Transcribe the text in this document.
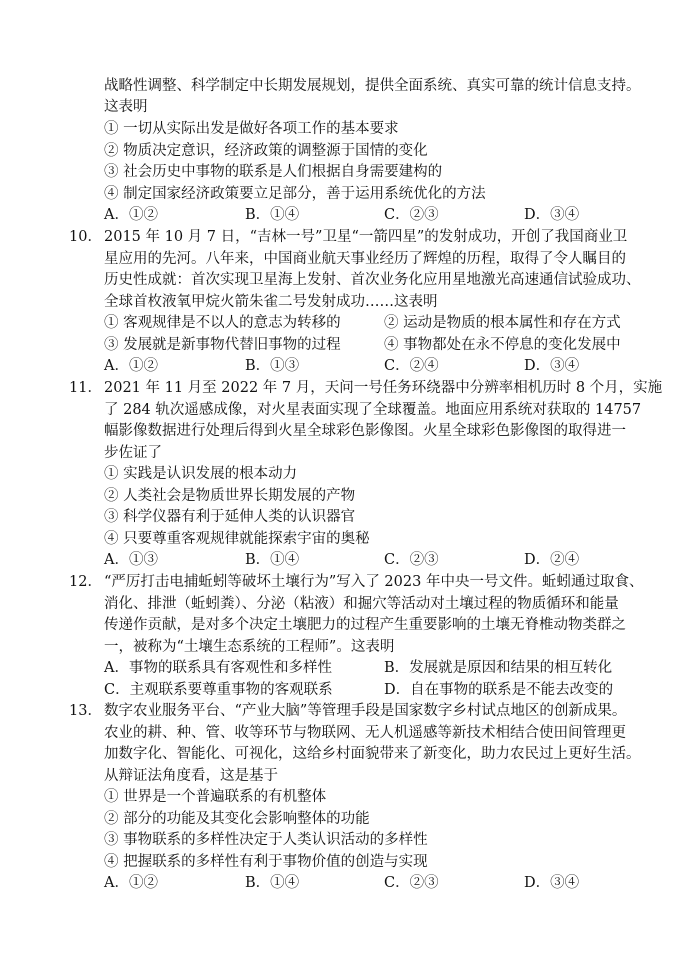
战略性调整、科学制定中长期发展规划，提供全面系统、真实可靠的统计信息支持。
这表明
① 一切从实际出发是做好各项工作的基本要求
② 物质决定意识，经济政策的调整源于国情的变化
③ 社会历史中事物的联系是人们根据自身需要建构的
④ 制定国家经济政策要立足部分，善于运用系统优化的方法
A．①②	B．①④	C．②③	D．③④
10． 2015 年 10 月 7 日，“吉林一号”卫星“一箭四星”的发射成功，开创了我国商业卫
星应用的先河。八年来，中国商业航天事业经历了辉煌的历程，取得了令人瞩目的
历史性成就：首次实现卫星海上发射、首次业务化应用星地激光高速通信试验成功、
全球首枚液氧甲烷火箭朱雀二号发射成功……这表明
① 客观规律是不以人的意志为转移的	② 运动是物质的根本属性和存在方式
③ 发展就是新事物代替旧事物的过程	④ 事物都处在永不停息的变化发展中
A．①②	B．①③	C．②④	D．③④
11． 2021 年 11 月至 2022 年 7 月，天问一号任务环绕器中分辨率相机历时 8 个月，实施
了 284 轨次遥感成像，对火星表面实现了全球覆盖。地面应用系统对获取的 14757
幅影像数据进行处理后得到火星全球彩色影像图。火星全球彩色影像图的取得进一
步佐证了
① 实践是认识发展的根本动力
② 人类社会是物质世界长期发展的产物
③ 科学仪器有利于延伸人类的认识器官
④ 只要尊重客观规律就能探索宇宙的奥秘
A．①③	B．①④	C．②③	D．②④
12． “严厉打击电捕蚯蚓等破坏土壤行为”写入了 2023 年中央一号文件。蚯蚓通过取食、
消化、排泄（蚯蚓粪）、分泌（粘液）和掘穴等活动对土壤过程的物质循环和能量
传递作贡献，是对多个决定土壤肥力的过程产生重要影响的土壤无脊椎动物类群之
一，被称为“土壤生态系统的工程师”。这表明
A．事物的联系具有客观性和多样性	B．发展就是原因和结果的相互转化
C．主观联系要尊重事物的客观联系	D．自在事物的联系是不能去改变的
13． 数字农业服务平台、“产业大脑”等管理手段是国家数字乡村试点地区的创新成果。
农业的耕、种、管、收等环节与物联网、无人机遥感等新技术相结合使田间管理更
加数字化、智能化、可视化，这给乡村面貌带来了新变化，助力农民过上更好生活。
从辩证法角度看，这是基于
① 世界是一个普遍联系的有机整体
② 部分的功能及其变化会影响整体的功能
③ 事物联系的多样性决定于人类认识活动的多样性
④ 把握联系的多样性有利于事物价值的创造与实现
A．①②	B．①④	C．②③	D．③④
